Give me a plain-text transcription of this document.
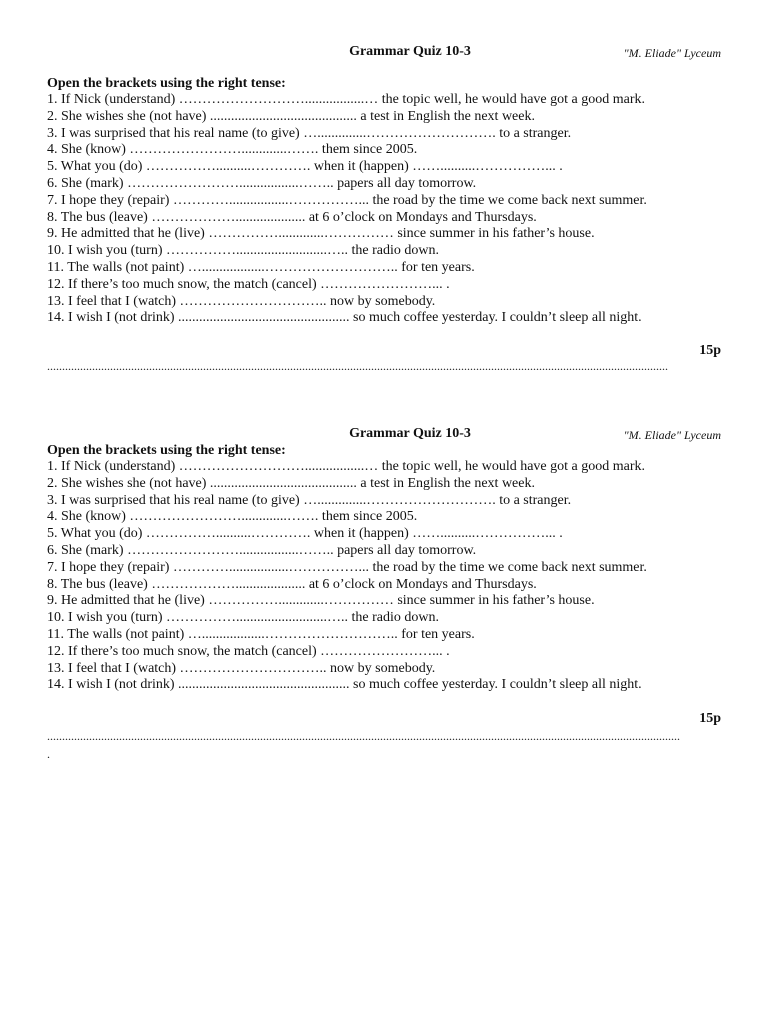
Grammar Quiz 10-3	"M. Eliade" Lyceum
Open the brackets using the right tense:
1. If Nick (understand) ……………………….................… the topic well, he would have got a good mark.
2. She wishes she (not have) .......................................... a test in English the next week.
3. I was surprised that his real name (to give) …..............………………………. to a stranger.
4. She (know) …………………….............……. them since 2005.
5. What you (do) ……………..........…………. when it (happen) ……..........……………... .
6. She (mark) …………………….................…….. papers all day tomorrow.
7. I hope they (repair) ………….................……………... the road by the time we come back next summer.
8. The bus (leave) ……………….................... at 6 o’clock on Mondays and Thursdays.
9. He admitted that he (live) …………….............…………… since summer in his father’s house.
10. I wish you (turn) ……………..........................….. the radio down.
11. The walls (not paint) …..................……………………….. for ten years.
12. If there’s too much snow, the match (cancel) ……………………... .
13. I feel that I (watch) ………………………….. now by somebody.
14. I wish I (not drink) ................................................. so much coffee yesterday. I couldn’t sleep all night.
15p
...............................................................................................................................................................................................................
Grammar Quiz 10-3	"M. Eliade" Lyceum
Open the brackets using the right tense:
1. If Nick (understand) ……………………….................… the topic well, he would have got a good mark.
2. She wishes she (not have) .......................................... a test in English the next week.
3. I was surprised that his real name (to give) …..............………………………. to a stranger.
4. She (know) …………………….............……. them since 2005.
5. What you (do) ……………..........…………. when it (happen) ……..........……………... .
6. She (mark) …………………….................…….. papers all day tomorrow.
7. I hope they (repair) ………….................……………... the road by the time we come back next summer.
8. The bus (leave) ……………….................... at 6 o’clock on Mondays and Thursdays.
9. He admitted that he (live) …………….............…………… since summer in his father’s house.
10. I wish you (turn) ……………..........................….. the radio down.
11. The walls (not paint) …..................……………………….. for ten years.
12. If there’s too much snow, the match (cancel) ……………………... .
13. I feel that I (watch) ………………………….. now by somebody.
14. I wish I (not drink) ................................................. so much coffee yesterday. I couldn’t sleep all night.
15p
...................................................................................................................................................................................................................
.
